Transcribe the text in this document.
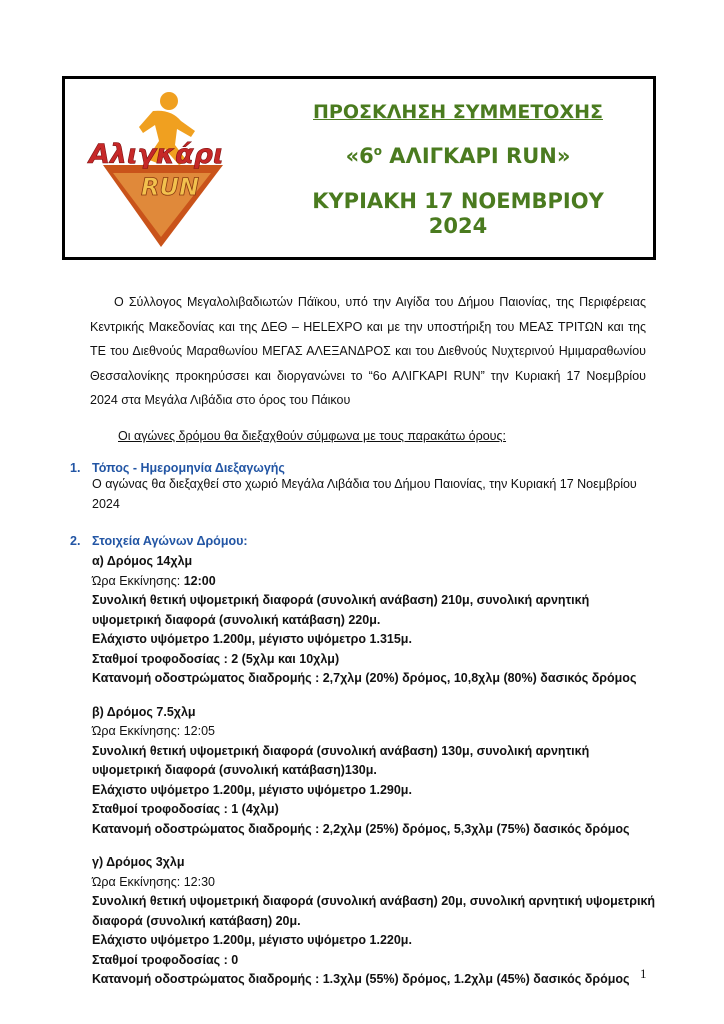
Αλιγκάρι
RUN
ΠΡΟΣΚΛΗΣΗ ΣΥΜΜΕΤΟΧΗΣ
«$6^o$ ΑΛΙΓΚΑΡΙ RUN»
ΚΥΡΙΑΚΗ 17 ΝΟΕΜΒΡΙΟΥ 2024
Ο Σύλλογος Μεγαλολιβαδιωτών Πάϊκου, υπό την Αιγίδα του Δήμου Παιονίας, της Περιφέρειας Κεντρικής Μακεδονίας και της ΔΕΘ – HELEXPO και με την υποστήριξη του ΜΕΑΣ ΤΡΙΤΩΝ και της ΤΕ του Διεθνούς Μαραθωνίου ΜΕΓΑΣ ΑΛΕΞΑΝΔΡΟΣ και του Διεθνούς Νυχτερινού Ημιμαραθωνίου Θεσσαλονίκης προκηρύσσει και διοργανώνει το “6ο ΑΛΙΓΚΑΡΙ RUN” την Κυριακή 17 Νοεμβρίου 2024 στα Μεγάλα Λιβάδια στο όρος του Πάικου
Οι αγώνες δρόμου θα διεξαχθούν σύμφωνα με τους παρακάτω όρους:
1. Τόπος - Ημερομηνία Διεξαγωγής
Ο αγώνας θα διεξαχθεί στο χωριό Μεγάλα Λιβάδια του Δήμου Παιονίας, την Κυριακή 17 Νοεμβρίου 2024
2. Στοιχεία Αγώνων Δρόμου:
α) Δρόμος 14χλμ
Ώρα Εκκίνησης: 12:00
Συνολική θετική υψομετρική διαφορά (συνολική ανάβαση) 210μ, συνολική αρνητική υψομετρική διαφορά (συνολική κατάβαση) 220μ.
Ελάχιστο υψόμετρο 1.200μ, μέγιστο υψόμετρο 1.315μ.
Σταθμοί τροφοδοσίας : 2 (5χλμ και 10χλμ)
Κατανομή οδοστρώματος διαδρομής : 2,7χλμ (20%) δρόμος, 10,8χλμ (80%) δασικός δρόμος
β) Δρόμος 7.5χλμ
Ώρα Εκκίνησης: 12:05
Συνολική θετική υψομετρική διαφορά (συνολική ανάβαση) 130μ, συνολική αρνητική υψομετρική διαφορά (συνολική κατάβαση)130μ.
Ελάχιστο υψόμετρο 1.200μ, μέγιστο υψόμετρο 1.290μ.
Σταθμοί τροφοδοσίας : 1 (4χλμ)
Κατανομή οδοστρώματος διαδρομής : 2,2χλμ (25%) δρόμος, 5,3χλμ (75%) δασικός δρόμος
γ) Δρόμος 3χλμ
Ώρα Εκκίνησης: 12:30
Συνολική θετική υψομετρική διαφορά (συνολική ανάβαση) 20μ, συνολική αρνητική υψομετρική διαφορά (συνολική κατάβαση) 20μ.
Ελάχιστο υψόμετρο 1.200μ, μέγιστο υψόμετρο 1.220μ.
Σταθμοί τροφοδοσίας : 0
Κατανομή οδοστρώματος διαδρομής : 1.3χλμ (55%) δρόμος, 1.2χλμ (45%) δασικός δρόμος 1
